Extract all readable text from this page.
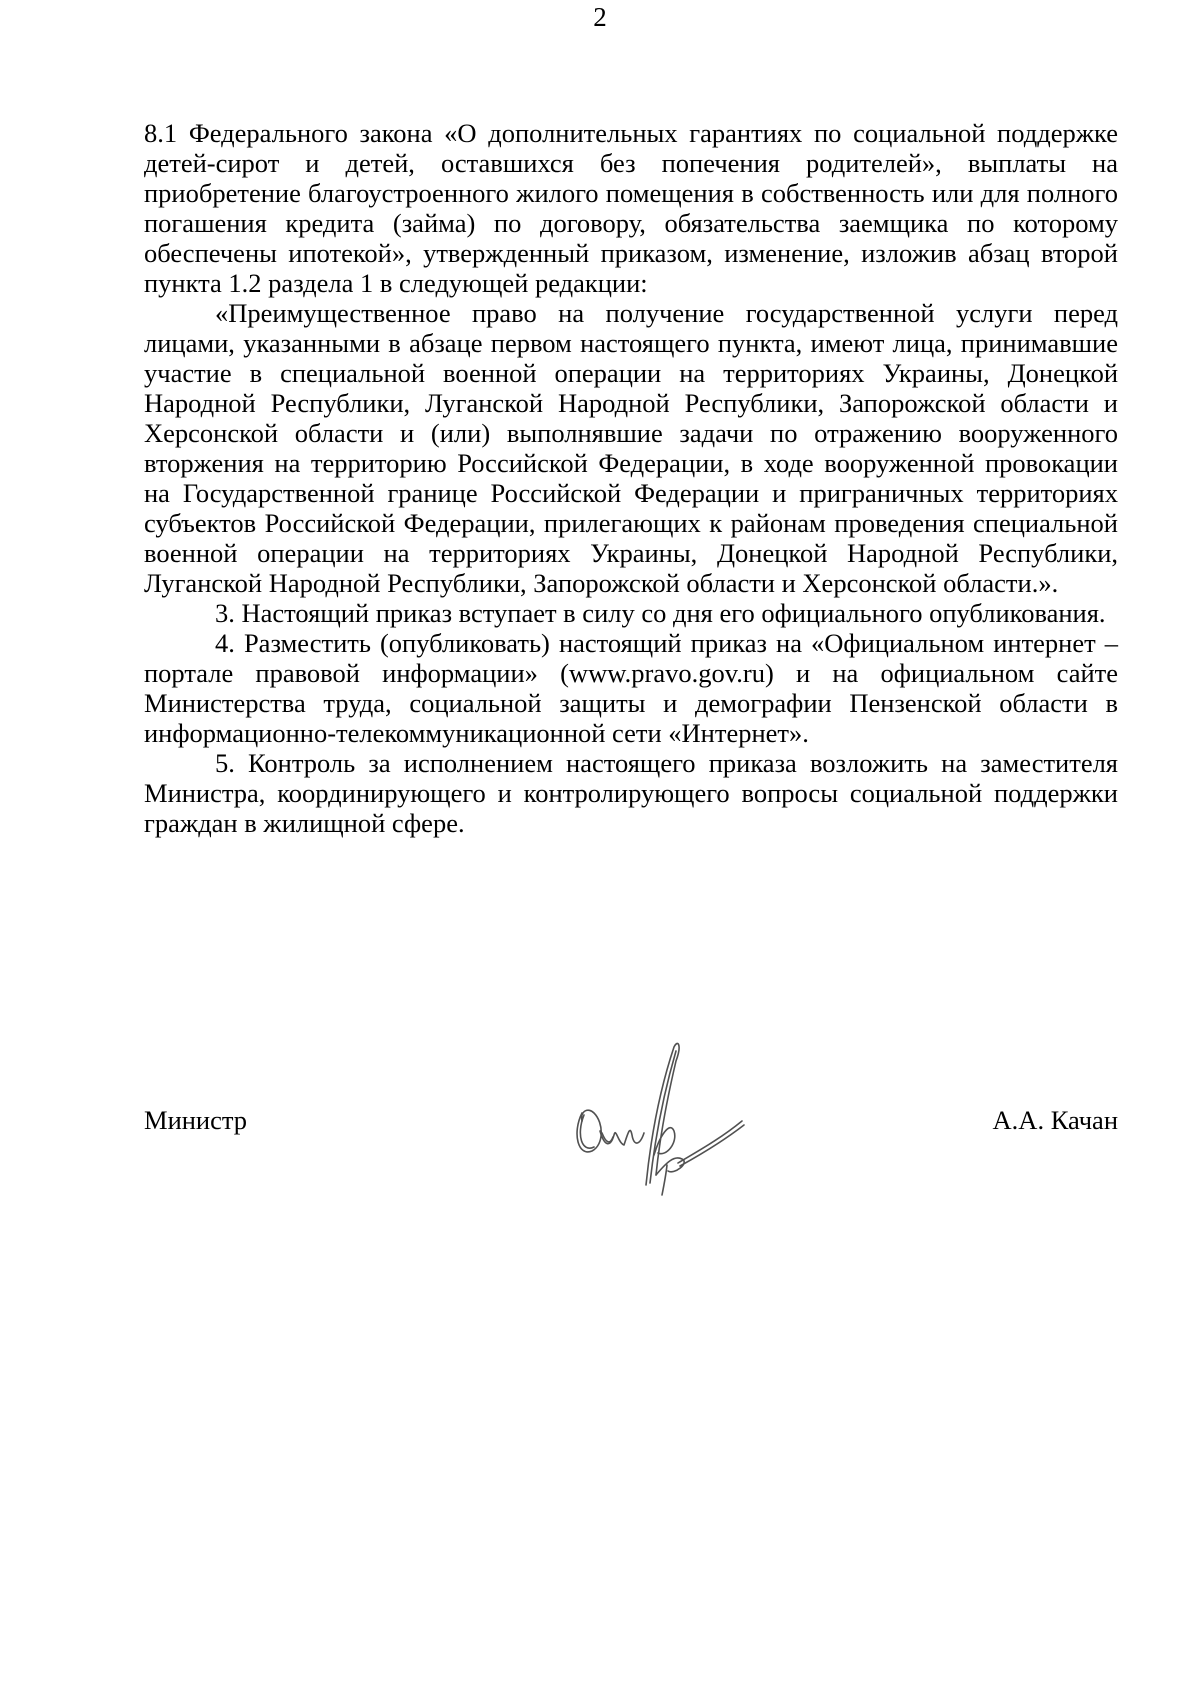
2

8.1 Федерального закона «О дополнительных гарантиях по социальной поддержке детей-сирот и детей, оставшихся без попечения родителей», выплаты на приобретение благоустроенного жилого помещения в собственность или для полного погашения кредита (займа) по договору, обязательства заемщика по которому обеспечены ипотекой», утвержденный приказом, изменение, изложив абзац второй пункта 1.2 раздела 1 в следующей редакции:

«Преимущественное право на получение государственной услуги перед лицами, указанными в абзаце первом настоящего пункта, имеют лица, принимавшие участие в специальной военной операции на территориях Украины, Донецкой Народной Республики, Луганской Народной Республики, Запорожской области и Херсонской области и (или) выполнявшие задачи по отражению вооруженного вторжения на территорию Российской Федерации, в ходе вооруженной провокации на Государственной границе Российской Федерации и приграничных территориях субъектов Российской Федерации, прилегающих к районам проведения специальной военной операции на территориях Украины, Донецкой Народной Республики, Луганской Народной Республики, Запорожской области и Херсонской области.».

3. Настоящий приказ вступает в силу со дня его официального опубликования.

4. Разместить (опубликовать) настоящий приказ на «Официальном интернет – портале правовой информации» (www.pravo.gov.ru) и на официальном сайте Министерства труда, социальной защиты и демографии Пензенской области в информационно-телекоммуникационной сети «Интернет».

5. Контроль за исполнением настоящего приказа возложить на заместителя Министра, координирующего и контролирующего вопросы социальной поддержки граждан в жилищной сфере.

Министр	А.А. Качан
